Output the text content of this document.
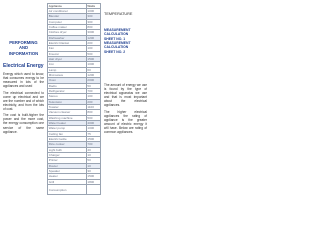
PERFORMING
AND
INFORMATION
Electrical Energy

Energy which used to know, that consumes energy to be measured in lots of the appliances and used

The electrical connected to come up electrical and we are the number and of which electricity, and from the lots of cost.

The cost is built-higher the power and the more cost, the energy consumption one service of the same appliance.

Appliance	Watts
Air conditioner	1000
Blender	300
Computer	300
Coffee maker	800
Clothes dryer	3000
Dishwasher	1200
Electric blanket	200
Fan	100
Freezer	500
Hair dryer	1500
Iron	1000
Lamp	60
Microwave	1200
Oven	2000
Radio	50
Refrigerator	700
Stereo	100
Television	200
Toaster	1100
Vacuum cleaner	800
Washing machine	500
Water heater	4000
Water pump	1000
Ceiling fan	75
Electric kettle	1500
Rice cooker	700
Light bulb	40
Charger	10
Printer	50
Router	10
Speaker	30
Heater	1500
Grill	1800
Consumption	
TEMPERATURE
MEASUREMENT
CALCULATION
SHEET NO. 1
MEASUREMENT
CALCULATION
SHEET NO. 2

The amount of energy we use is found by the type of electrical apparatus we use and that is most important about the electrical appliances.

The higher electrical appliances the rating of appliance is the greater amount of electric energy it will have. Below are rating of common appliances.
